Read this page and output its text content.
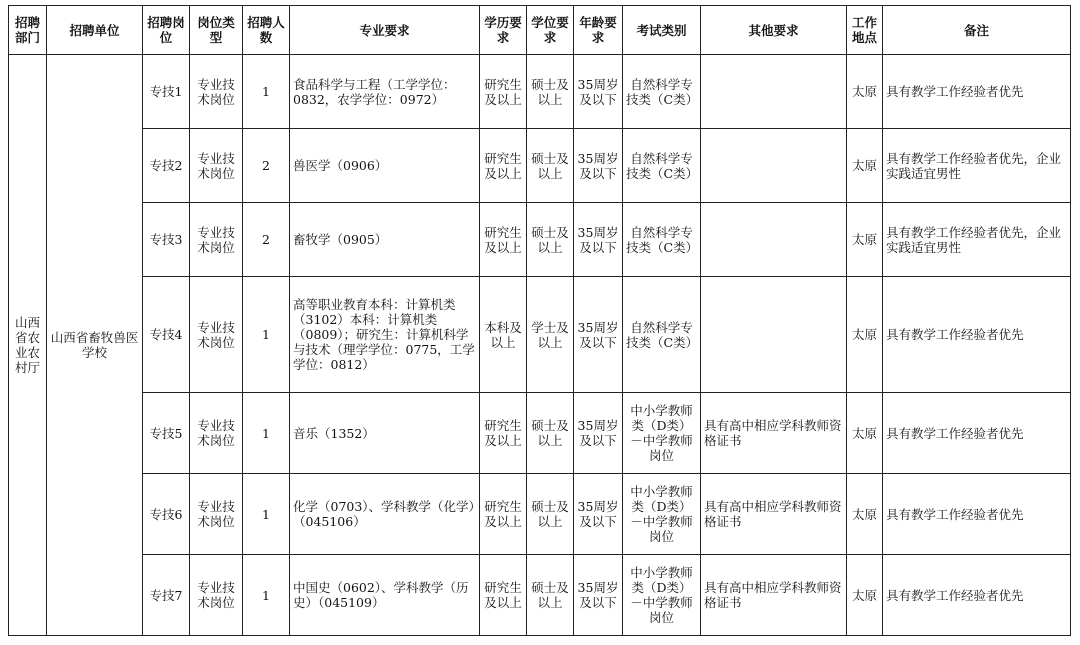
招聘部门	招聘单位	招聘岗位	岗位类型	招聘人数	专业要求	学历要求	学位要求	年龄要求	考试类别	其他要求	工作地点	备注

山西省农业农村厅	山西省畜牧兽医学校	专技1	专业技术岗位	1	食品科学与工程（工学学位：0832，农学学位：0972）	研究生及以上	硕士及以上	35周岁及以下	自然科学专技类（C类）		太原	具有教学工作经验者优先
		专技2	专业技术岗位	2	兽医学（0906）	研究生及以上	硕士及以上	35周岁及以下	自然科学专技类（C类）		太原	具有教学工作经验者优先，企业实践适宜男性
		专技3	专业技术岗位	2	畜牧学（0905）	研究生及以上	硕士及以上	35周岁及以下	自然科学专技类（C类）		太原	具有教学工作经验者优先，企业实践适宜男性
		专技4	专业技术岗位	1	高等职业教育本科：计算机类（3102）本科：计算机类（0809）；研究生：计算机科学与技术（理学学位：0775，工学学位：0812）	本科及以上	学士及以上	35周岁及以下	自然科学专技类（C类）		太原	具有教学工作经验者优先
		专技5	专业技术岗位	1	音乐（1352）	研究生及以上	硕士及以上	35周岁及以下	中小学教师类（D类）－中学教师岗位	具有高中相应学科教师资格证书	太原	具有教学工作经验者优先
		专技6	专业技术岗位	1	化学（0703）、学科教学（化学）（045106）	研究生及以上	硕士及以上	35周岁及以下	中小学教师类（D类）－中学教师岗位	具有高中相应学科教师资格证书	太原	具有教学工作经验者优先
		专技7	专业技术岗位	1	中国史（0602）、学科教学（历史）（045109）	研究生及以上	硕士及以上	35周岁及以下	中小学教师类（D类）－中学教师岗位	具有高中相应学科教师资格证书	太原	具有教学工作经验者优先
